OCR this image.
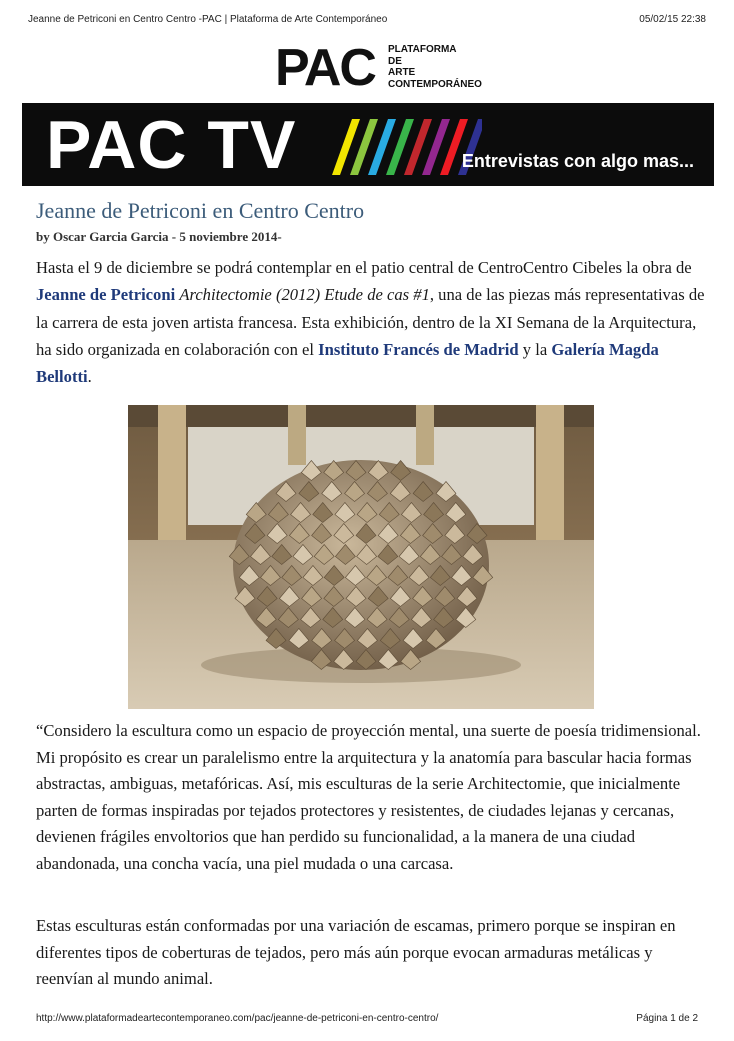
Jeanne de Petriconi en Centro Centro -PAC | Plataforma de Arte Contemporáneo	05/02/15 22:38
PAC PLATAFORMA
DE
ARTE
CONTEMPORÁNEO
PAC TV	Entrevistas con algo mas...
Jeanne de Petriconi en Centro Centro
by Oscar Garcia Garcia - 5 noviembre 2014-

Hasta el 9 de diciembre se podrá contemplar en el patio central de CentroCentro Cibeles la obra de Jeanne de Petriconi Architectomie (2012) Etude de cas #1, una de las piezas más representativas de la carrera de esta joven artista francesa. Esta exhibición, dentro de la XI Semana de la Arquitectura, ha sido organizada en colaboración con el Instituto Francés de Madrid y la Galería Magda Bellotti.

“Considero la escultura como un espacio de proyección mental, una suerte de poesía tridimensional. Mi propósito es crear un paralelismo entre la arquitectura y la anatomía para bascular hacia formas abstractas, ambiguas, metafóricas. Así, mis esculturas de la serie Architectomie, que inicialmente parten de formas inspiradas por tejados protectores y resistentes, de ciudades lejanas y cercanas, devienen frágiles envoltorios que han perdido su funcionalidad, a la manera de una ciudad abandonada, una concha vacía, una piel mudada o una carcasa.

Estas esculturas están conformadas por una variación de escamas, primero porque se inspiran en diferentes tipos de coberturas de tejados, pero más aún porque evocan armaduras metálicas y reenvían al mundo animal.

http://www.plataformadeartecontemporaneo.com/pac/jeanne-de-petriconi-en-centro-centro/	Página 1 de 2
